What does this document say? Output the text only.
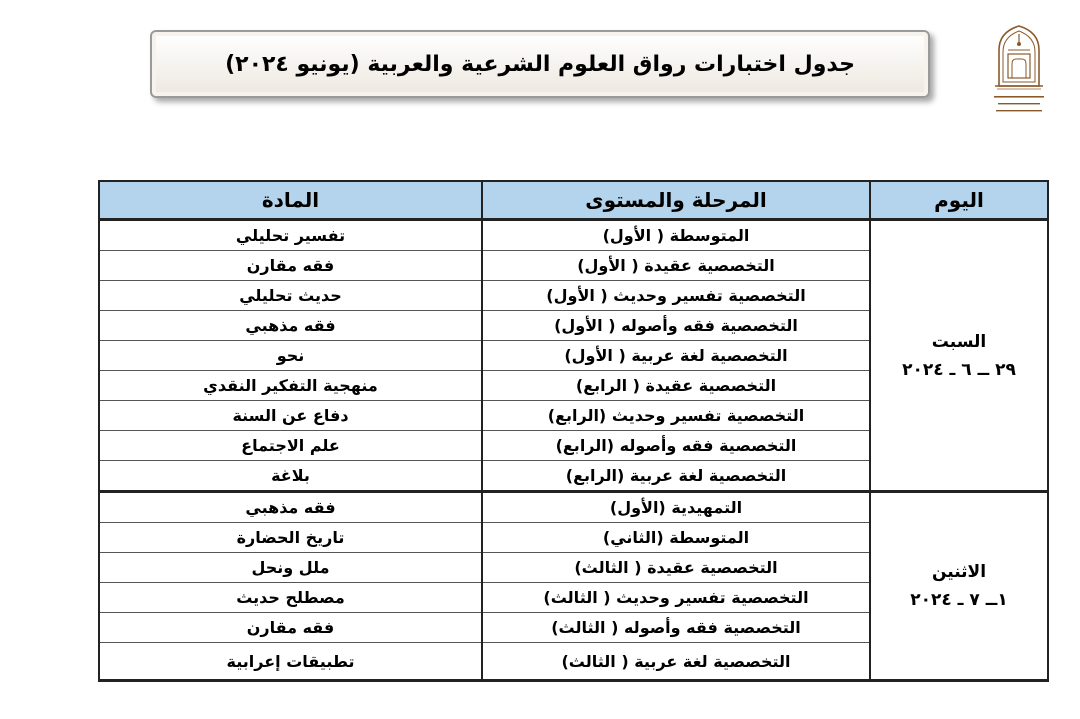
جدول اختبارات رواق العلوم الشرعية والعربية (يونيو ٢٠٢٤)
اليوم	المرحلة والمستوى	المادة

السبت
٢٩ ــ ٦ ـ ٢٠٢٤	المتوسطة ( الأول)	تفسير تحليلي
	التخصصية عقيدة ( الأول)	فقه مقارن
	التخصصية تفسير وحديث ( الأول)	حديث تحليلي
	التخصصية فقه وأصوله ( الأول)	فقه مذهبي
	التخصصية لغة عربية ( الأول)	نحو
	التخصصية عقيدة ( الرابع)	منهجية التفكير النقدي
	التخصصية تفسير وحديث (الرابع)	دفاع عن السنة
	التخصصية فقه وأصوله (الرابع)	علم الاجتماع
	التخصصية لغة عربية (الرابع)	بلاغة

الاثنين
١ــ ٧ ـ ٢٠٢٤	التمهيدية (الأول)	فقه مذهبي
	المتوسطة (الثاني)	تاريخ الحضارة
	التخصصية عقيدة ( الثالث)	ملل ونحل
	التخصصية تفسير وحديث ( الثالث)	مصطلح حديث
	التخصصية فقه وأصوله ( الثالث)	فقه مقارن
	التخصصية لغة عربية ( الثالث)	تطبيقات إعرابية
